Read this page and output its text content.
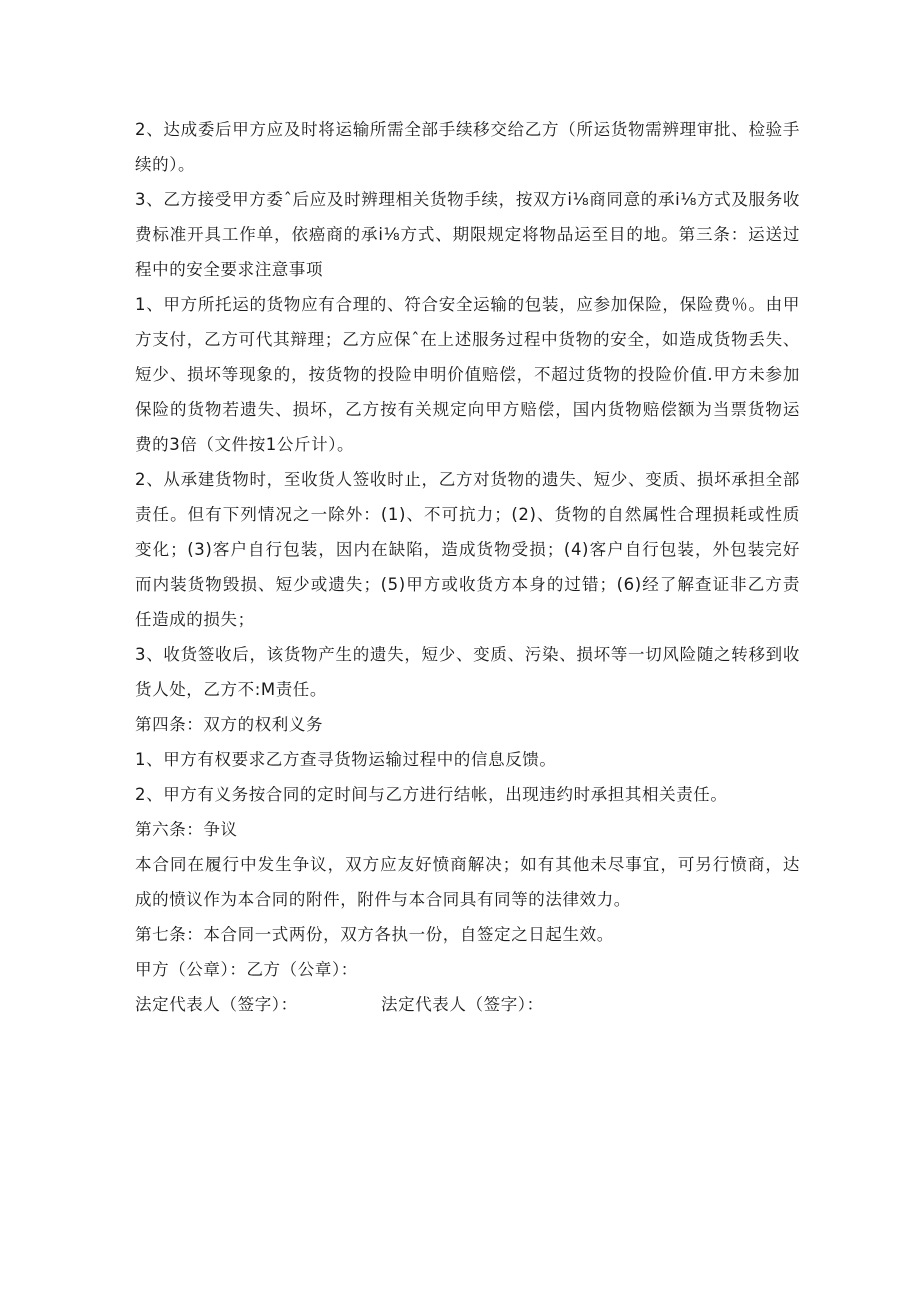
2、达成委后甲方应及时将运输所需全部手续移交给乙方（所运货物需辨理审批、检验手续的）。

3、乙方接受甲方委ˆ后应及时辨理相关货物手续，按双方i⅛商同意的承i⅛方式及服务收费标准开具工作单，依癌商的承i⅛方式、期限规定将物品运至目的地。第三条：运送过程中的安全要求注意事项

1、甲方所托运的货物应有合理的、符合安全运输的包装，应参加保险，保险费％。由甲方支付，乙方可代其辩理；乙方应保ˆ在上述服务过程中货物的安全，如造成货物丢失、短少、损坏等现象的，按货物的投险申明价值赔偿，不超过货物的投险价值.甲方未参加保险的货物若遗失、损坏，乙方按有关规定向甲方赔偿，国内货物赔偿额为当票货物运费的3倍（文件按1公斤计）。

2、从承建货物时，至收货人签收时止，乙方对货物的遗失、短少、变质、损坏承担全部责任。但有下列情况之一除外：(1)、不可抗力；(2)、货物的自然属性合理损耗或性质变化；(3)客户自行包装，因内在缺陷，造成货物受损；(4)客户自行包装，外包装完好而内装货物毁损、短少或遗失；(5)甲方或收货方本身的过错；(6)经了解查证非乙方责任造成的损失；

3、收货签收后，该货物产生的遗失，短少、变质、污染、损坏等一切风险随之转移到收货人处，乙方不:M责任。

第四条：双方的权利义务

1、甲方有权要求乙方查寻货物运输过程中的信息反馈。

2、甲方有义务按合同的定时间与乙方进行结帐，出现违约时承担其相关责任。

第六条：争议

本合同在履行中发生争议，双方应友好愤商解决；如有其他未尽事宜，可另行愤商，达成的愤议作为本合同的附件，附件与本合同具有同等的法律效力。

第七条：本合同一式两份，双方各执一份，自签定之日起生效。

甲方（公章）：乙方（公章）：

法定代表人（签字）：	法定代表人（签字）：
